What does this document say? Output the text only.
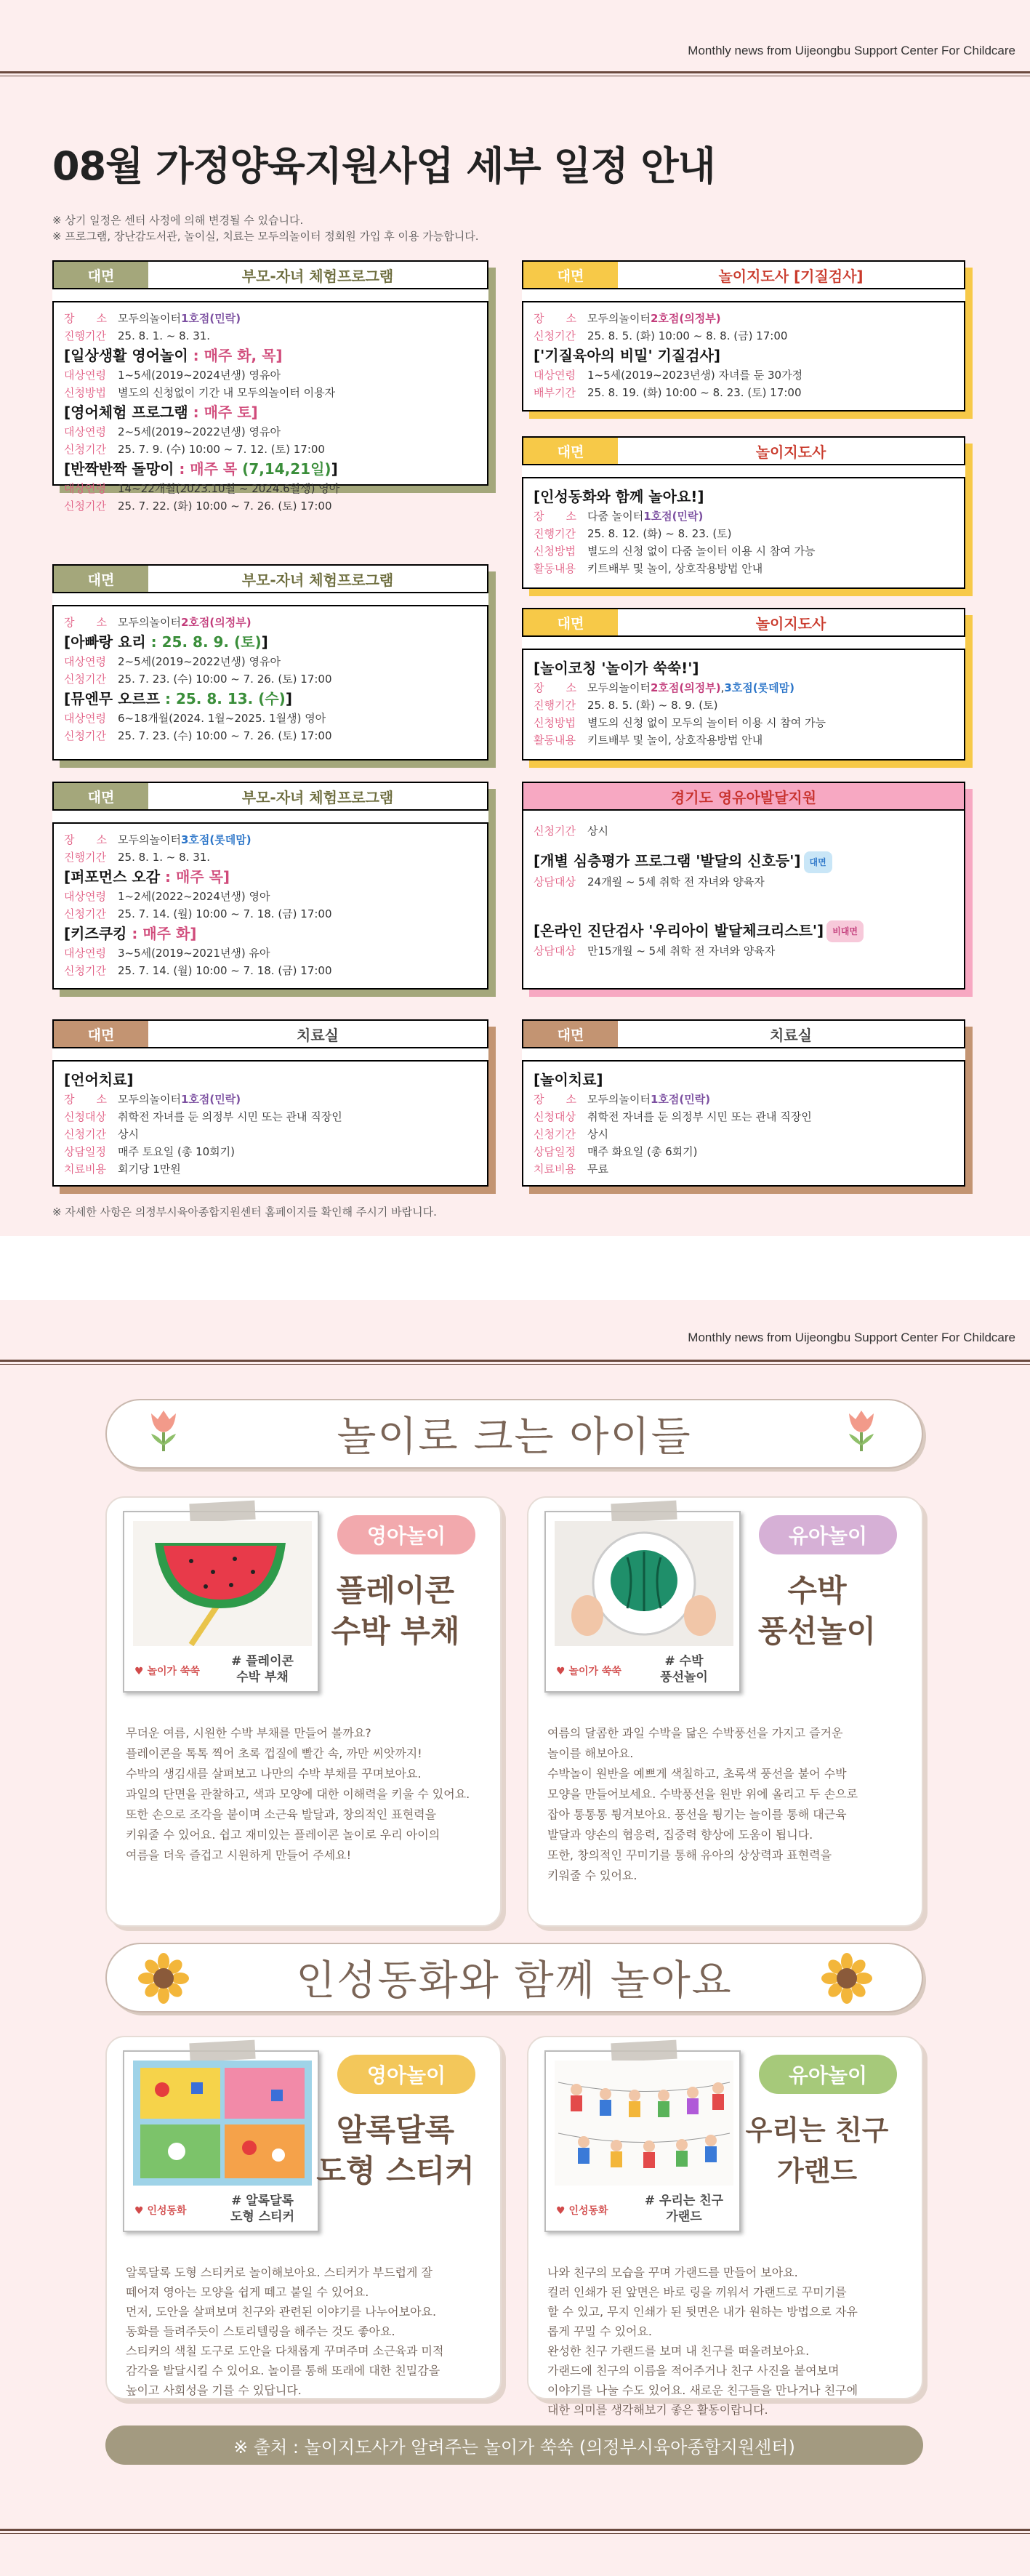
Monthly news from Uijeongbu Support Center For Childcare
08월 가정양육지원사업 세부 일정 안내
※ 상기 일정은 센터 사정에 의해 변경될 수 있습니다.
※ 프로그램, 장난감도서관, 놀이실, 치료는 모두의놀이터 정회원 가입 후 이용 가능합니다.
대면	부모-자녀 체험프로그램
장　　소	모두의놀이터 1호점(민락)
진행기간	25. 8. 1. ~ 8. 31.
[일상생활 영어놀이 : 매주 화, 목]
대상연령	1~5세(2019~2024년생) 영유아
신청방법	별도의 신청없이 기간 내 모두의놀이터 이용자
[영어체험 프로그램 : 매주 토]
대상연령	2~5세(2019~2022년생) 영유아
신청기간	25. 7. 9. (수) 10:00 ~ 7. 12. (토) 17:00
[반짝반짝 돌망이 : 매주 목 (7,14,21일)]
대상연령	14~22개월(2023.10월 ~ 2024.6월생) 영아
신청기간	25. 7. 22. (화) 10:00 ~ 7. 26. (토) 17:00
대면	부모-자녀 체험프로그램
장　　소	모두의놀이터 2호점(의정부)
[아빠랑 요리 : 25. 8. 9. (토)]
대상연령	2~5세(2019~2022년생) 영유아
신청기간	25. 7. 23. (수) 10:00 ~ 7. 26. (토) 17:00
[뮤엔무 오르프 : 25. 8. 13. (수)]
대상연령	6~18개월(2024. 1월~2025. 1월생) 영아
신청기간	25. 7. 23. (수) 10:00 ~ 7. 26. (토) 17:00
대면	부모-자녀 체험프로그램
장　　소	모두의놀이터 3호점(롯데맘)
진행기간	25. 8. 1. ~ 8. 31.
[퍼포먼스 오감 : 매주 목]
대상연령	1~2세(2022~2024년생) 영아
신청기간	25. 7. 14. (월) 10:00 ~ 7. 18. (금) 17:00
[키즈쿠킹 : 매주 화]
대상연령	3~5세(2019~2021년생) 유아
신청기간	25. 7. 14. (월) 10:00 ~ 7. 18. (금) 17:00
대면	치료실
[언어치료]
장　　소	모두의놀이터 1호점(민락)
신청대상	취학전 자녀를 둔 의정부 시민 또는 관내 직장인
신청기간	상시
상담일정	매주 토요일 (총 10회기)
치료비용	회기당 1만원
대면	놀이지도사 [기질검사]
장　　소	모두의놀이터 2호점(의정부)
신청기간	25. 8. 5. (화) 10:00 ~ 8. 8. (금) 17:00
['기질육아의 비밀' 기질검사]
대상연령	1~5세(2019~2023년생) 자녀를 둔 30가정
배부기간	25. 8. 19. (화) 10:00 ~ 8. 23. (토) 17:00
대면	놀이지도사
[인성동화와 함께 놀아요!]
장　　소	다줌 놀이터 1호점(민락)
진행기간	25. 8. 12. (화) ~ 8. 23. (토)
신청방법	별도의 신청 없이 다줌 놀이터 이용 시 참여 가능
활동내용	키트배부 및 놀이, 상호작용방법 안내
대면	놀이지도사
[놀이코칭 '놀이가 쑥쑥!']
장　　소	모두의놀이터 2호점(의정부) , 3호점(롯데맘)
진행기간	25. 8. 5. (화) ~ 8. 9. (토)
신청방법	별도의 신청 없이 모두의 놀이터 이용 시 참여 가능
활동내용	키트배부 및 놀이, 상호작용방법 안내
경기도 영유아발달지원
신청기간	상시
[개별 심층평가 프로그램 '발달의 신호등'] 대면
상담대상	24개월 ~ 5세 취학 전 자녀와 양육자
[온라인 진단검사 '우리아이 발달체크리스트'] 비대면
상담대상	만15개월 ~ 5세 취학 전 자녀와 양육자
대면	치료실
[놀이치료]
장　　소	모두의놀이터 1호점(민락)
신청대상	취학전 자녀를 둔 의정부 시민 또는 관내 직장인
신청기간	상시
상담일정	매주 화요일 (총 6회기)
치료비용	무료
※ 자세한 사항은 의정부시육아종합지원센터 홈페이지를 확인해 주시기 바랍니다.
Monthly news from Uijeongbu Support Center For Childcare
놀이로 크는 아이들
♥ 놀이가 쑥쑥
# 플레이콘
수박 부채
영아놀이
플레이콘
수박 부채
무더운 여름, 시원한 수박 부채를 만들어 볼까요?
플레이콘을 톡톡 찍어 초록 껍질에 빨간 속, 까만 씨앗까지!
수박의 생김새를 살펴보고 나만의 수박 부채를 꾸며보아요.
과일의 단면을 관찰하고, 색과 모양에 대한 이해력을 키울 수 있어요.
또한 손으로 조각을 붙이며 소근육 발달과, 창의적인 표현력을
키워줄 수 있어요. 쉽고 재미있는 플레이콘 놀이로 우리 아이의
여름을 더욱 즐겁고 시원하게 만들어 주세요!
♥ 놀이가 쑥쑥
# 수박
풍선놀이
유아놀이
수박
풍선놀이
여름의 달콤한 과일 수박을 닮은 수박풍선을 가지고 즐거운
놀이를 해보아요.
수박놀이 원반을 예쁘게 색칠하고, 초록색 풍선을 불어 수박
모양을 만들어보세요. 수박풍선을 원반 위에 올리고 두 손으로
잡아 통통통 튕겨보아요. 풍선을 튕기는 놀이를 통해 대근육
발달과 양손의 협응력, 집중력 향상에 도움이 됩니다.
또한, 창의적인 꾸미기를 통해 유아의 상상력과 표현력을
키워줄 수 있어요.
인성동화와 함께 놀아요
♥ 인성동화
# 알록달록
도형 스티커
영아놀이
알록달록
도형 스티커
알록달록 도형 스티커로 놀이해보아요. 스티커가 부드럽게 잘
떼어져 영아는 모양을 쉽게 떼고 붙일 수 있어요.
먼저, 도안을 살펴보며 친구와 관련된 이야기를 나누어보아요.
동화를 들려주듯이 스토리텔링을 해주는 것도 좋아요.
스티커의 색칠 도구로 도안을 다채롭게 꾸며주며 소근육과 미적
감각을 발달시킬 수 있어요. 놀이를 통해 또래에 대한 친밀감을
높이고 사회성을 기를 수 있답니다.
♥ 인성동화
# 우리는 친구
가랜드
유아놀이
우리는 친구
가랜드
나와 친구의 모습을 꾸며 가랜드를 만들어 보아요.
컬러 인쇄가 된 앞면은 바로 링을 끼워서 가랜드로 꾸미기를
할 수 있고, 무지 인쇄가 된 뒷면은 내가 원하는 방법으로 자유
롭게 꾸밀 수 있어요.
완성한 친구 가랜드를 보며 내 친구를 떠올려보아요.
가랜드에 친구의 이름을 적어주거나 친구 사진을 붙여보며
이야기를 나눌 수도 있어요. 새로운 친구들을 만나거나 친구에
대한 의미를 생각해보기 좋은 활동이랍니다.
※ 출처 : 놀이지도사가 알려주는 놀이가 쑥쑥 (의정부시육아종합지원센터)
